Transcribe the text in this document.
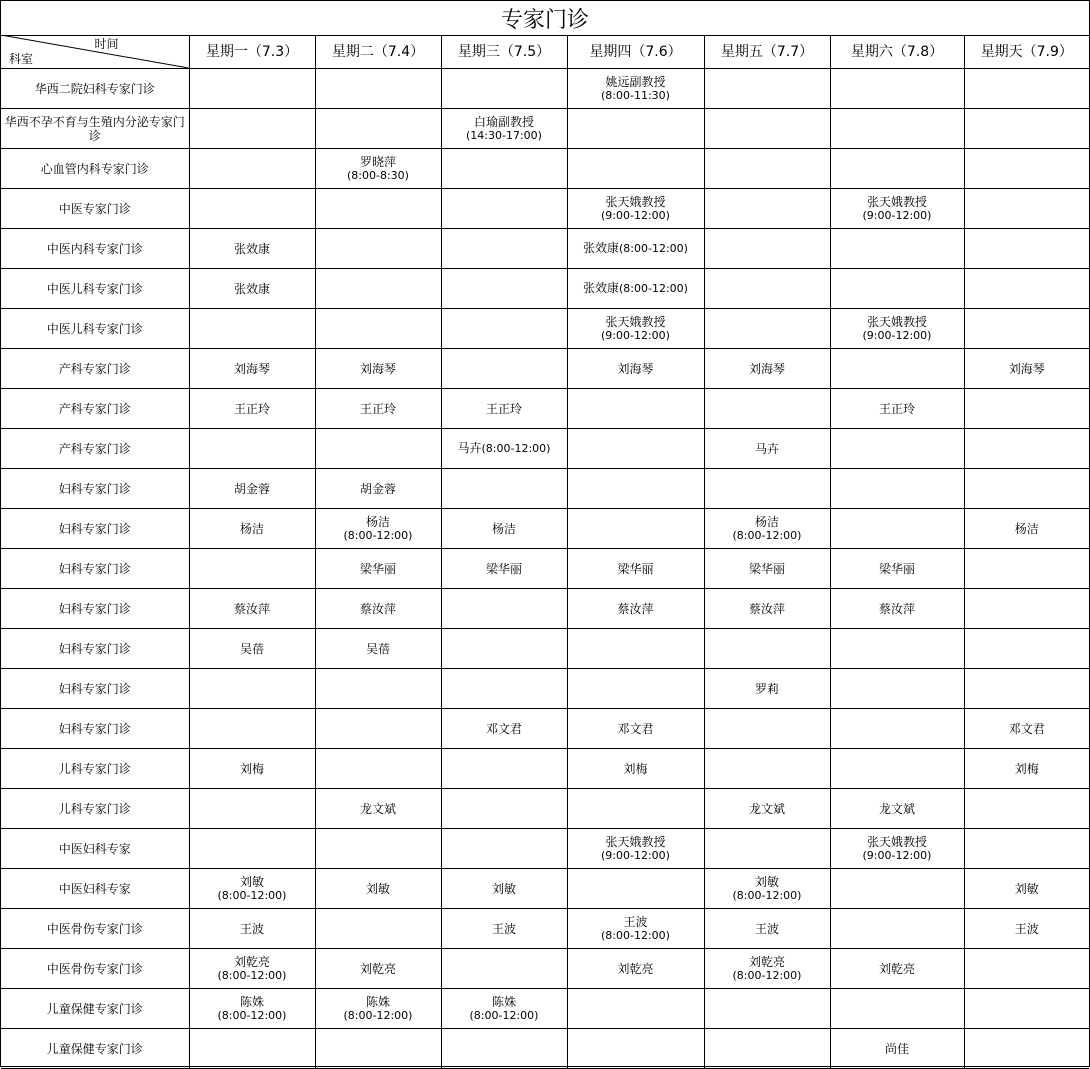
专家门诊
时间
科室	星期一（7.3）	星期二（7.4）	星期三（7.5）	星期四（7.6）	星期五（7.7）	星期六（7.8）	星期天（7.9）
华西二院妇科专家门诊				姚远副教授
(8:00-11:30)			

华西不孕不育与生殖内分泌专家门诊			白瑜副教授
(14:30-17:00)				

心血管内科专家门诊		罗晓萍
(8:00-8:30)					

中医专家门诊				张天娥教授
(9:00-12:00)		张天娥教授
(9:00-12:00)	

中医内科专家门诊	张效康			张效康(8:00-12:00)			
中医儿科专家门诊	张效康			张效康(8:00-12:00)			
中医儿科专家门诊				张天娥教授
(9:00-12:00)		张天娥教授
(9:00-12:00)	

产科专家门诊	刘海琴	刘海琴		刘海琴	刘海琴		刘海琴

产科专家门诊	王正玲	王正玲	王正玲			王正玲	

产科专家门诊			马卉(8:00-12:00)		马卉		

妇科专家门诊	胡金蓉	胡金蓉					

妇科专家门诊	杨洁	杨洁
(8:00-12:00)	杨洁		杨洁
(8:00-12:00)		杨洁

妇科专家门诊		梁华丽	梁华丽	梁华丽	梁华丽	梁华丽	

妇科专家门诊	蔡汝萍	蔡汝萍		蔡汝萍	蔡汝萍	蔡汝萍	

妇科专家门诊	吴蓓	吴蓓					

妇科专家门诊					罗莉		

妇科专家门诊			邓文君	邓文君			邓文君

儿科专家门诊	刘梅			刘梅			刘梅

儿科专家门诊		龙文斌			龙文斌	龙文斌	

中医妇科专家				张天娥教授
(9:00-12:00)		张天娥教授
(9:00-12:00)	

中医妇科专家	刘敏
(8:00-12:00)	刘敏	刘敏		刘敏
(8:00-12:00)		刘敏

中医骨伤专家门诊	王波		王波	王波
(8:00-12:00)	王波		王波

中医骨伤专家门诊	刘乾亮
(8:00-12:00)	刘乾亮		刘乾亮	刘乾亮
(8:00-12:00)	刘乾亮	

儿童保健专家门诊	陈姝
(8:00-12:00)	陈姝
(8:00-12:00)	陈姝
(8:00-12:00)				

儿童保健专家门诊						尚佳	
